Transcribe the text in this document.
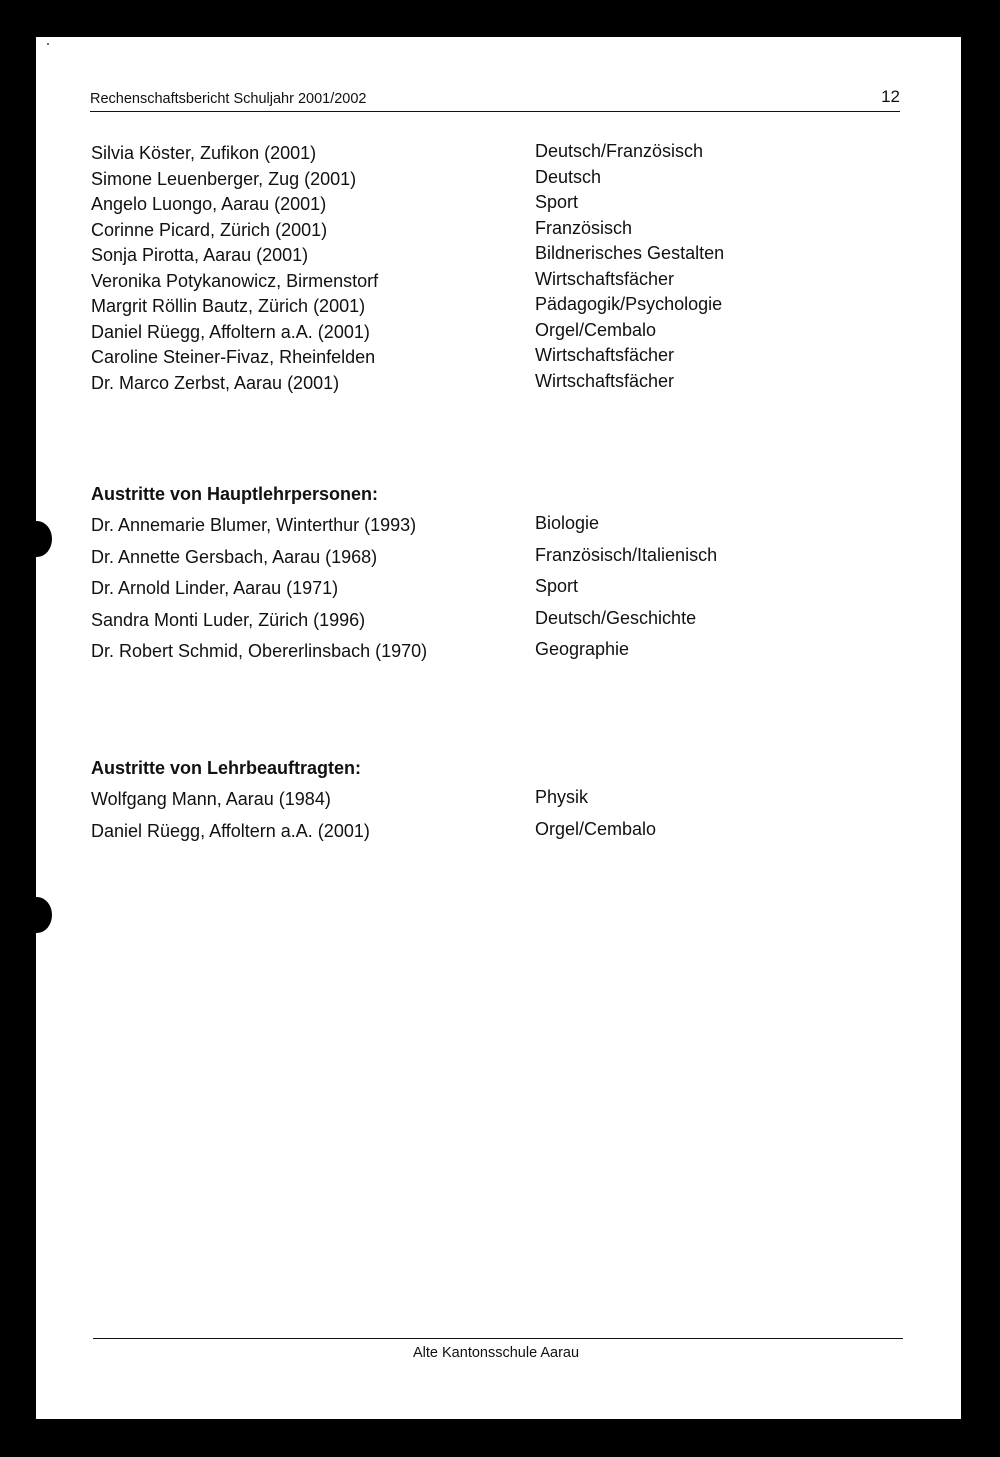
Rechenschaftsbericht Schuljahr 2001/2002	12
Silvia Köster, Zufikon (2001)	Deutsch/Französisch
Simone Leuenberger, Zug (2001)	Deutsch
Angelo Luongo, Aarau (2001)	Sport
Corinne Picard, Zürich (2001)	Französisch
Sonja Pirotta, Aarau (2001)	Bildnerisches Gestalten
Veronika Potykanowicz, Birmenstorf	Wirtschaftsfächer
Margrit Röllin Bautz, Zürich (2001)	Pädagogik/Psychologie
Daniel Rüegg, Affoltern a.A. (2001)	Orgel/Cembalo
Caroline Steiner-Fivaz, Rheinfelden	Wirtschaftsfächer
Dr. Marco Zerbst, Aarau (2001)	Wirtschaftsfächer
Austritte von Hauptlehrpersonen:
Dr. Annemarie Blumer, Winterthur (1993)	Biologie
Dr. Annette Gersbach, Aarau (1968)	Französisch/Italienisch
Dr. Arnold Linder, Aarau (1971)	Sport
Sandra Monti Luder, Zürich (1996)	Deutsch/Geschichte
Dr. Robert Schmid, Obererlinsbach (1970)	Geographie
Austritte von Lehrbeauftragten:
Wolfgang Mann, Aarau (1984)	Physik
Daniel Rüegg, Affoltern a.A. (2001)	Orgel/Cembalo
Alte Kantonsschule Aarau
